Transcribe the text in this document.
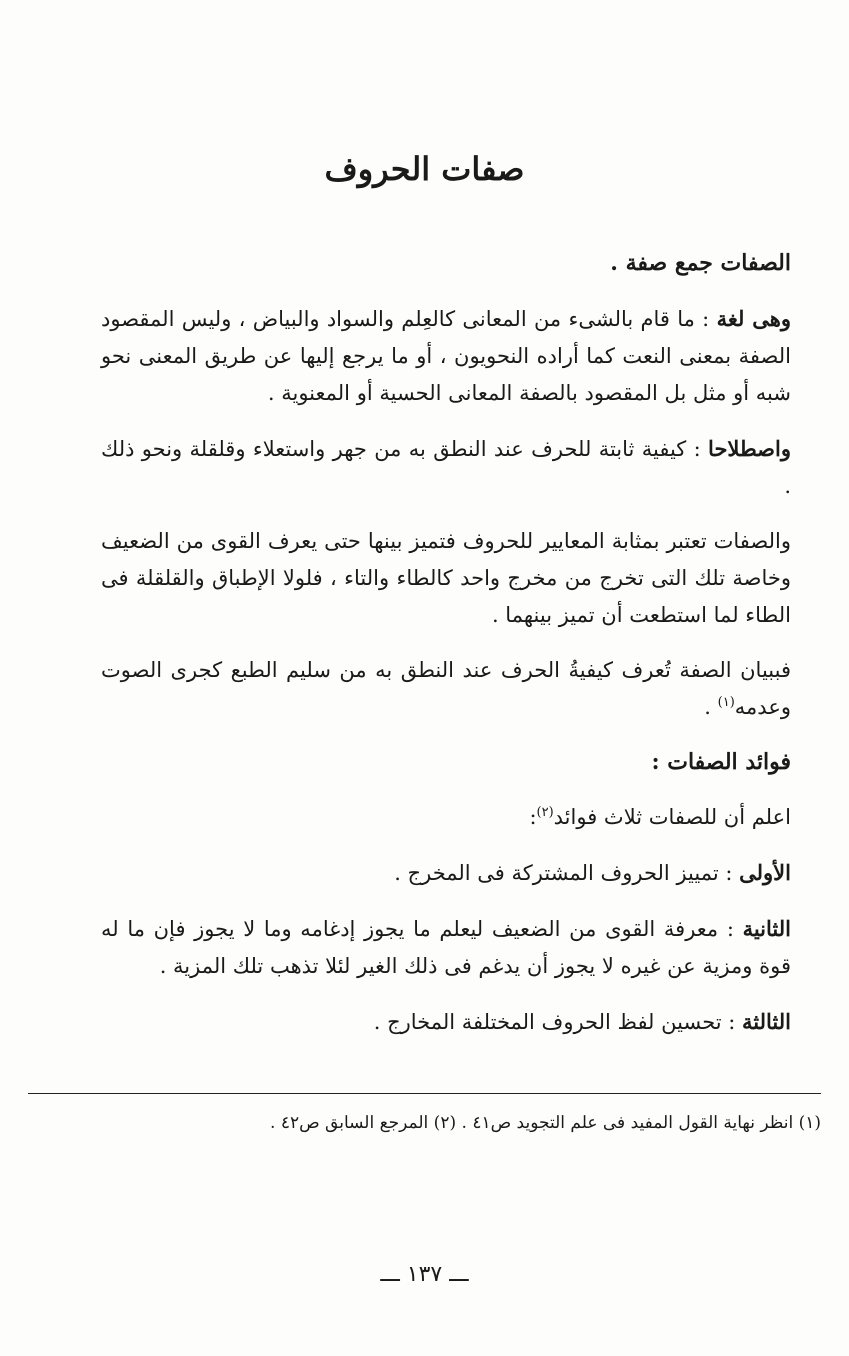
صفات الحروف

الصفات جمع صفة .

وهى لغة : ما قام بالشىء من المعانى كالعِلم والسواد والبياض ، وليس المقصود الصفة بمعنى النعت كما أراده النحويون ، أو ما يرجع إليها عن طريق المعنى نحو شبه أو مثل بل المقصود بالصفة المعانى الحسية أو المعنوية .

واصطلاحا : كيفية ثابتة للحرف عند النطق به من جهر واستعلاء وقلقلة ونحو ذلك .

والصفات تعتبر بمثابة المعايير للحروف فتميز بينها حتى يعرف القوى من الضعيف وخاصة تلك التى تخرج من مخرج واحد كالطاء والتاء ، فلولا الإطباق والقلقلة فى الطاء لما استطعت أن تميز بينهما .

فببيان الصفة تُعرف كيفيةُ الحرف عند النطق به من سليم الطبع كجرى الصوت وعدمه$^{(١)}$ .

فوائد الصفات :

اعلم أن للصفات ثلاث فوائد$^{(٢)}$:

الأولى : تمييز الحروف المشتركة فى المخرج .

الثانية : معرفة القوى من الضعيف ليعلم ما يجوز إدغامه وما لا يجوز فإن ما له قوة ومزية عن غيره لا يجوز أن يدغم فى ذلك الغير لئلا تذهب تلك المزية .

الثالثة : تحسين لفظ الحروف المختلفة المخارج .

(١) انظر نهاية القول المفيد فى علم التجويد ص٤١ . (٢) المرجع السابق ص٤٢ .
ـــ ١٣٧ ـــ
